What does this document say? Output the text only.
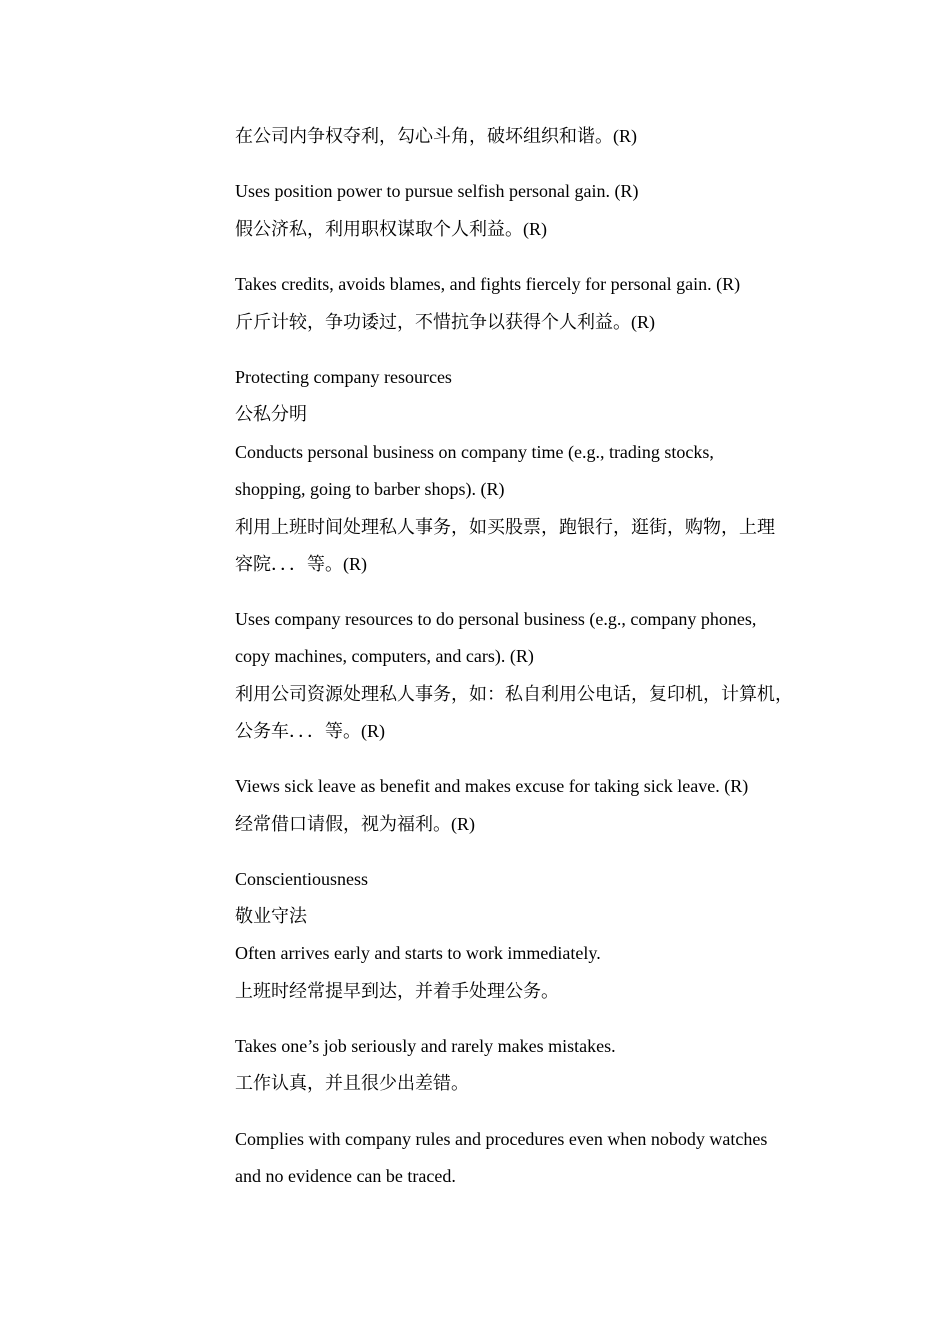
在公司内争权夺利，勾心斗角，破坏组织和谐。(R)
Uses position power to pursue selfish personal gain. (R)
假公济私，利用职权谋取个人利益。(R)
Takes credits, avoids blames, and fights fiercely for personal gain. (R)
斤斤计较，争功诿过，不惜抗争以获得个人利益。(R)
Protecting company resources
公私分明
Conducts personal business on company time (e.g., trading stocks,
shopping, going to barber shops). (R)
利用上班时间处理私人事务，如买股票，跑银行，逛街，购物，上理
容院．．．等。(R)
Uses company resources to do personal business (e.g., company phones,
copy machines, computers, and cars). (R)
利用公司资源处理私人事务，如：私自利用公电话，复印机，计算机，
公务车．．．等。(R)
Views sick leave as benefit and makes excuse for taking sick leave. (R)
经常借口请假，视为福利。(R)
Conscientiousness
敬业守法
Often arrives early and starts to work immediately.
上班时经常提早到达，并着手处理公务。
Takes one’s job seriously and rarely makes mistakes.
工作认真，并且很少出差错。
Complies with company rules and procedures even when nobody watches
and no evidence can be traced.
